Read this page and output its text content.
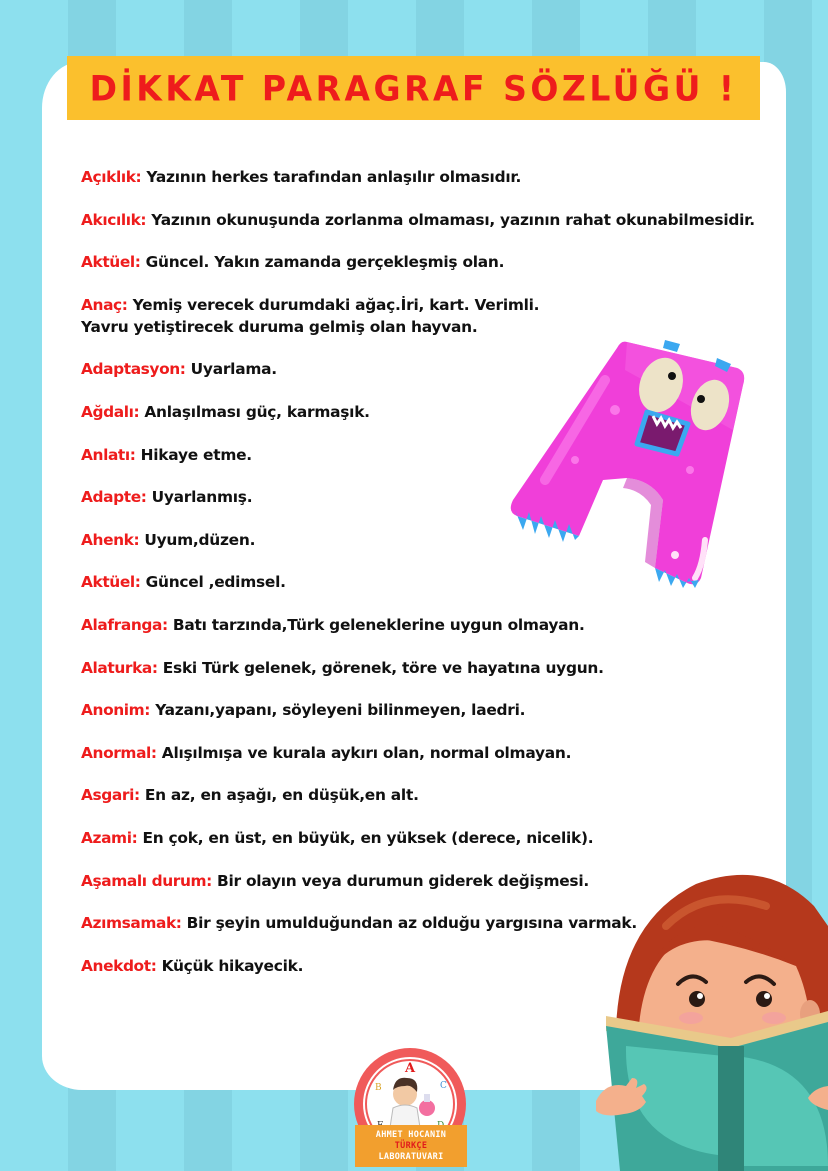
DİKKAT PARAGRAF SÖZLÜĞÜ !
Açıklık: Yazının herkes tarafından anlaşılır olmasıdır.
Akıcılık: Yazının okunuşunda zorlanma olmaması, yazının rahat okunabilmesidir.
Aktüel: Güncel. Yakın zamanda gerçekleşmiş olan.
Anaç: Yemiş verecek durumdaki ağaç.İri, kart. Verimli.
Yavru yetiştirecek duruma gelmiş olan hayvan.
Adaptasyon: Uyarlama.
Ağdalı: Anlaşılması güç, karmaşık.
Anlatı: Hikaye etme.
Adapte: Uyarlanmış.
Ahenk: Uyum,düzen.
Aktüel: Güncel ,edimsel.
Alafranga: Batı tarzında,Türk geleneklerine uygun olmayan.
Alaturka: Eski Türk gelenek, görenek, töre ve hayatına uygun.
Anonim: Yazanı,yapanı, söyleyeni bilinmeyen, laedri.
Anormal: Alışılmışa ve kurala aykırı olan, normal olmayan.
Asgari: En az, en aşağı, en düşük,en alt.
Azami: En çok, en üst, en büyük, en yüksek (derece, nicelik).
Aşamalı durum: Bir olayın veya durumun giderek değişmesi.
Azımsamak: Bir şeyin umulduğundan az olduğu yargısına varmak.
Anekdot: Küçük hikayecik.
A
B	C
AHMET HOCANIN
TÜRKÇE
LABORATUVARI
